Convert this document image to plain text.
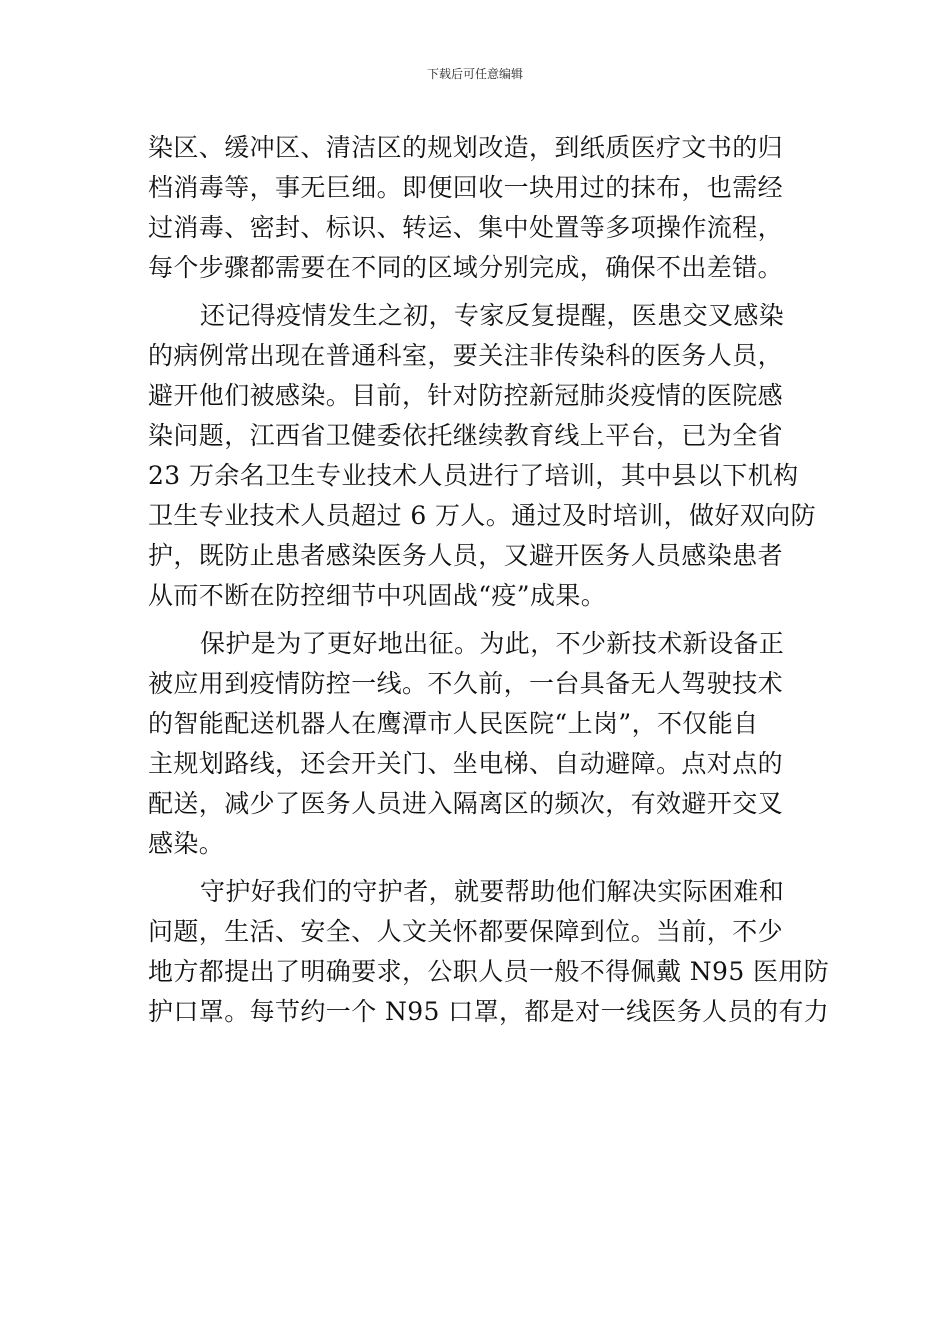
下载后可任意编辑
染区、缓冲区、清洁区的规划改造，到纸质医疗文书的归
档消毒等，事无巨细。即便回收一块用过的抹布，也需经
过消毒、密封、标识、转运、集中处置等多项操作流程，
每个步骤都需要在不同的区域分别完成，确保不出差错。
还记得疫情发生之初，专家反复提醒，医患交叉感染
的病例常出现在普通科室，要关注非传染科的医务人员，
避开他们被感染。目前，针对防控新冠肺炎疫情的医院感
染问题，江西省卫健委依托继续教育线上平台，已为全省
23 万余名卫生专业技术人员进行了培训，其中县以下机构
卫生专业技术人员超过 6 万人。通过及时培训，做好双向防
护，既防止患者感染医务人员，又避开医务人员感染患者
从而不断在防控细节中巩固战“疫”成果。
保护是为了更好地出征。为此，不少新技术新设备正
被应用到疫情防控一线。不久前，一台具备无人驾驶技术
的智能配送机器人在鹰潭市人民医院“上岗”，不仅能自
主规划路线，还会开关门、坐电梯、自动避障。点对点的
配送，减少了医务人员进入隔离区的频次，有效避开交叉
感染。
守护好我们的守护者，就要帮助他们解决实际困难和
问题，生活、安全、人文关怀都要保障到位。当前，不少
地方都提出了明确要求，公职人员一般不得佩戴 N95 医用防
护口罩。每节约一个 N95 口罩，都是对一线医务人员的有力
